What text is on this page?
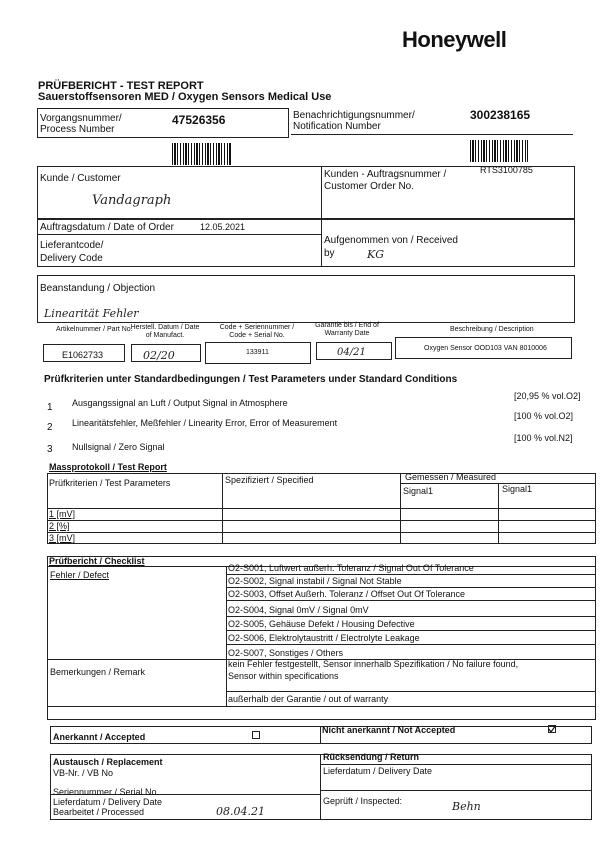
Honeywell
PRÜFBERICHT - TEST REPORT
Sauerstoffsensoren MED / Oxygen Sensors Medical Use
Vorgangsnummer/
Process Number
47526356	Benachrichtigungsnummer/
Notification Number
300238165
Kunde / Customer
Vandagraph
Kunden - Auftragsnummer /
Customer Order No.
RTS3100785
Auftragsdatum / Date of Order	12.05.2021
Lieferantcode/
Delivery Code
Aufgenommen von / Received
by	KG
Beanstandung / Objection
Linearität Fehler
Artikelnummer / Part No.
Herstell. Datum / Date of Manufact.
Code + Seriennummer / Code + Serial No.
Garantie bis / End of Warranty Date
Beschreibung / Description
E1062733	02/20	133911	04/21	Oxygen Sensor OOD103 VAN 8010006
Prüfkriterien unter Standardbedingungen / Test Parameters under Standard Conditions
1 Ausgangssignal an Luft / Output Signal in Atmosphere
[20,95 % vol.O2]
2 Linearitätsfehler, Meßfehler / Linearity Error, Error of Measurement
[100 % vol.O2]
3 Nullsignal / Zero Signal
[100 % vol.N2]
Massprotokoll / Test Report
Prüfkriterien / Test Parameters	Spezifiziert / Specified	Gemessen / Measured
Signal1	Signal1
1 [mV]
2 [%]
3 [mV]
Prüfbericht / Checklist
Fehler / Defect
O2-S001, Luftwert außerh. Toleranz / Signal Out Of Tolerance
O2-S002, Signal instabil / Signal Not Stable
O2-S003, Offset Außerh. Toleranz / Offset Out Of Tolerance
O2-S004, Signal 0mV / Signal 0mV
O2-S005, Gehäuse Defekt / Housing Defective
O2-S006, Elektrolytaustritt / Electrolyte Leakage
O2-S007, Sonstiges / Others
Bemerkungen / Remark
kein Fehler festgestellt, Sensor innerhalb Spezifikation / No failure found,
Sensor within specifications
außerhalb der Garantie / out of warranty
Anerkannt / Accepted
Nicht anerkannt / Not Accepted
Austausch / Replacement
VB-Nr. / VB No
Seriennummer / Serial No.
Lieferdatum / Delivery Date
Bearbeitet / Processed	08.04.21
Rücksendung / Return
Lieferdatum / Delivery Date
Geprüft / Inspected:	Behn
